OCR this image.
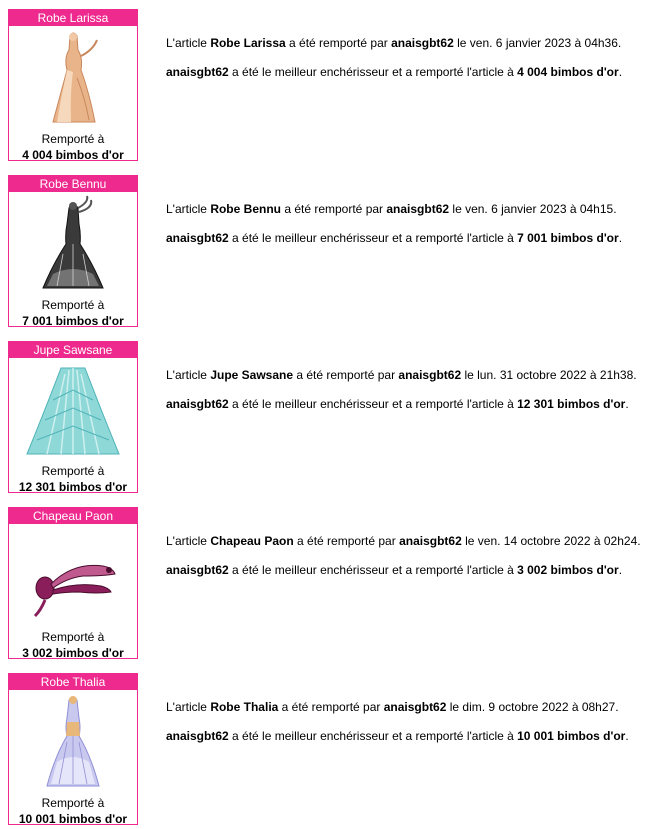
Robe Larissa
Remporté à
4 004 bimbos d'or

L'article Robe Larissa a été remporté par anaisgbt62 le ven. 6 janvier 2023 à 04h36.

anaisgbt62 a été le meilleur enchérisseur et a remporté l'article à 4 004 bimbos d'or.

Robe Bennu
Remporté à
7 001 bimbos d'or

L'article Robe Bennu a été remporté par anaisgbt62 le ven. 6 janvier 2023 à 04h15.

anaisgbt62 a été le meilleur enchérisseur et a remporté l'article à 7 001 bimbos d'or.

Jupe Sawsane
Remporté à
12 301 bimbos d'or

L'article Jupe Sawsane a été remporté par anaisgbt62 le lun. 31 octobre 2022 à 21h38.

anaisgbt62 a été le meilleur enchérisseur et a remporté l'article à 12 301 bimbos d'or.

Chapeau Paon
Remporté à
3 002 bimbos d'or

L'article Chapeau Paon a été remporté par anaisgbt62 le ven. 14 octobre 2022 à 02h24.

anaisgbt62 a été le meilleur enchérisseur et a remporté l'article à 3 002 bimbos d'or.

Robe Thalia
Remporté à
10 001 bimbos d'or

L'article Robe Thalia a été remporté par anaisgbt62 le dim. 9 octobre 2022 à 08h27.

anaisgbt62 a été le meilleur enchérisseur et a remporté l'article à 10 001 bimbos d'or.
